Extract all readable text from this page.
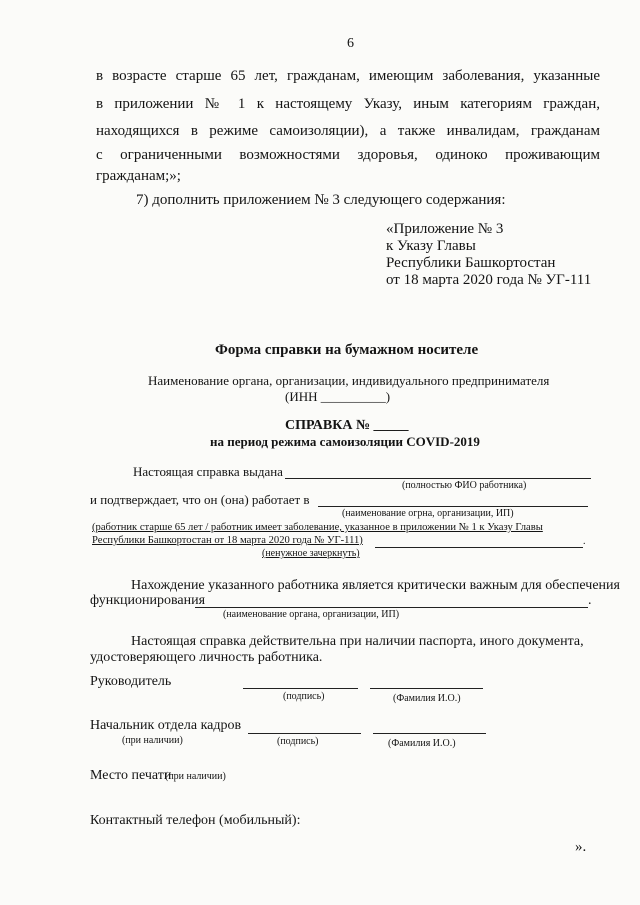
6
в возрасте старше 65 лет, гражданам, имеющим заболевания, указанные
в приложении № 1 к настоящему Указу, иным категориям граждан,
находящихся в режиме самоизоляции), а также инвалидам, гражданам
с ограниченными возможностями здоровья, одиноко проживающим
гражданам;»;
7) дополнить приложением № 3 следующего содержания:
«Приложение № 3
к Указу Главы
Республики Башкортостан
от 18 марта 2020 года № УГ-111
Форма справки на бумажном носителе
Наименование органа, организации, индивидуального предпринимателя
(ИНН __________)
СПРАВКА № _____
на период режима самоизоляции COVID-2019
Настоящая справка выдана
(полностью ФИО работника)
и подтверждает, что он (она) работает в
(наименование огрна, организации, ИП)
(работник старше 65 лет / работник имеет заболевание, указанное в приложении № 1 к Указу Главы
Республики Башкортостан от 18 марта 2020 года № УГ-111)	.
(ненужное зачеркнуть)
Нахождение указанного работника является критически важным для обеспечения
функционирования	.
(наименование органа, организации, ИП)
Настоящая справка действительна при наличии паспорта, иного документа,
удостоверяющего личность работника.
Руководитель
(подпись)	(Фамилия И.О.)
Начальник отдела кадров
(при наличии)	(подпись)	(Фамилия И.О.)
Место печати
(при наличии)
Контактный телефон (мобильный):
».
